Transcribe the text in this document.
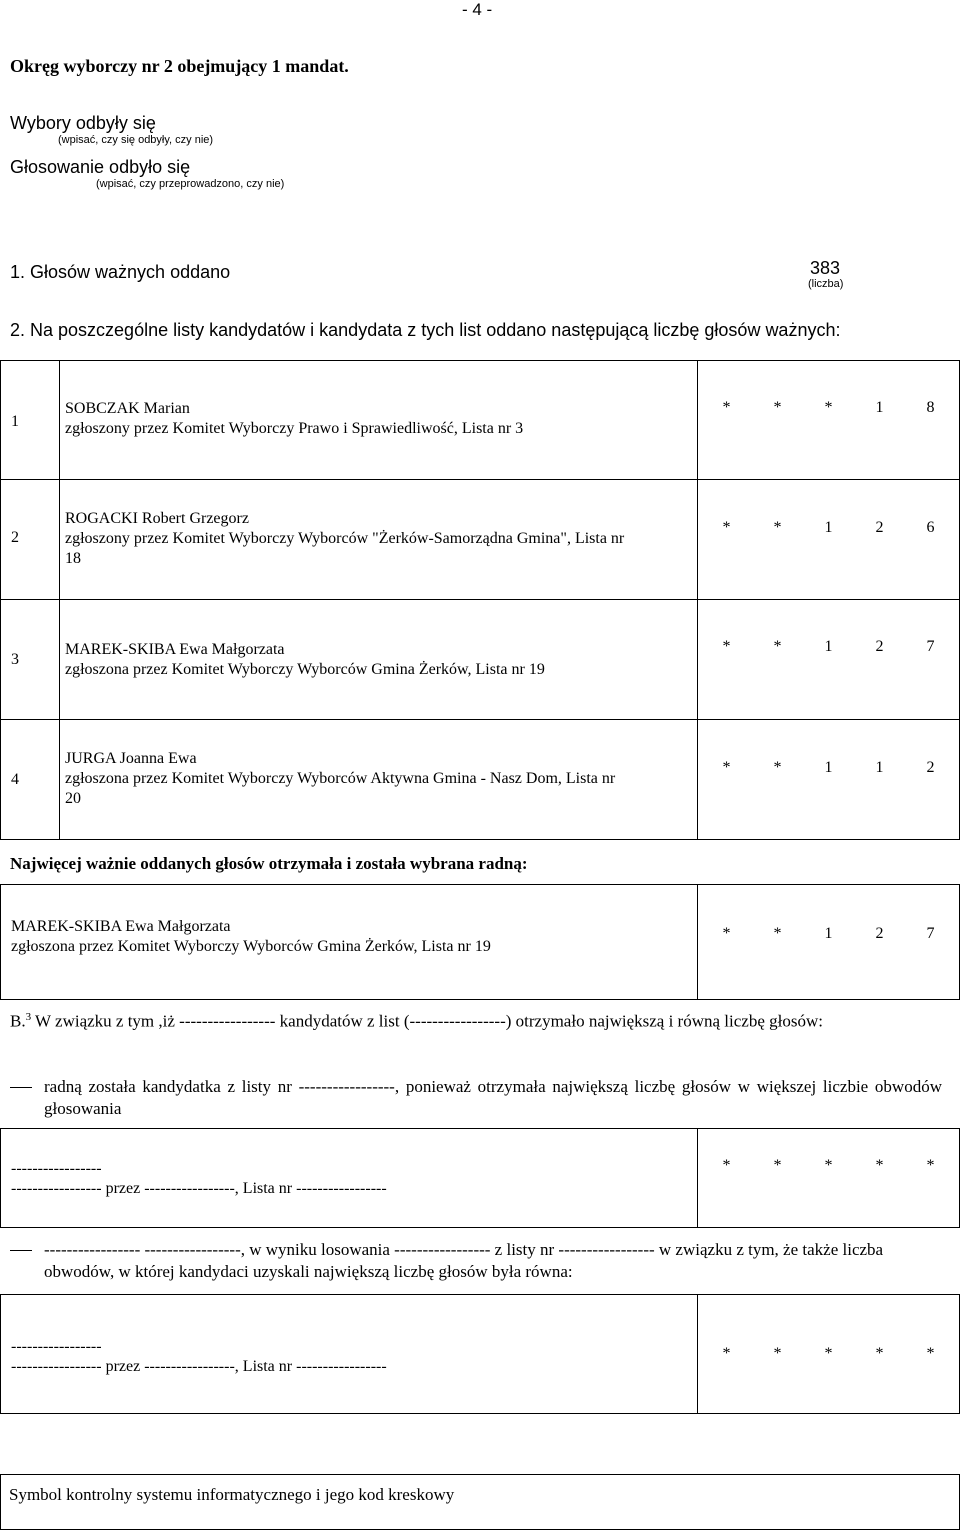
- 4 -
Okręg wyborczy nr 2 obejmujący 1 mandat.
Wybory odbyły się
(wpisać, czy się odbyły, czy nie)
Głosowanie odbyło się
(wpisać, czy przeprowadzono, czy nie)
1. Głosów ważnych oddano	383
(liczba)
2. Na poszczególne listy kandydatów i kandydata z tych list oddano następującą liczbę głosów ważnych:
1
SOBCZAK Marian
zgłoszony przez Komitet Wyborczy Prawo i Sprawiedliwość, Lista nr 3
*	*	*	1	8
2
ROGACKI Robert Grzegorz
zgłoszony przez Komitet Wyborczy Wyborców "Żerków-Samorządna Gmina", Lista nr
18
*	*	1	2	6
3
MAREK-SKIBA Ewa Małgorzata
zgłoszona przez Komitet Wyborczy Wyborców Gmina Żerków, Lista nr 19
*	*	1	2	7
4
JURGA Joanna Ewa
zgłoszona przez Komitet Wyborczy Wyborców Aktywna Gmina - Nasz Dom, Lista nr
20
*	*	1	1	2
Najwięcej ważnie oddanych głosów otrzymała i została wybrana radną:
MAREK-SKIBA Ewa Małgorzata
zgłoszona przez Komitet Wyborczy Wyborców Gmina Żerków, Lista nr 19
*	*	1	2	7
B.$^3$ W związku z tym ,iż ----------------- kandydatów z list (-----------------) otrzymało największą i równą liczbę głosów:
radną została kandydatka z listy nr -----------------, ponieważ otrzymała największą liczbę głosów w większej liczbie obwodów głosowania
-----------------
----------------- przez -----------------, Lista nr -----------------
*	*	*	*	*
----------------- -----------------, w wyniku losowania ----------------- z listy nr ----------------- w związku z tym, że także liczba obwodów, w której kandydaci uzyskali największą liczbę głosów była równa:
-----------------
----------------- przez -----------------, Lista nr -----------------
*	*	*	*	*
Symbol kontrolny systemu informatycznego i jego kod kreskowy
